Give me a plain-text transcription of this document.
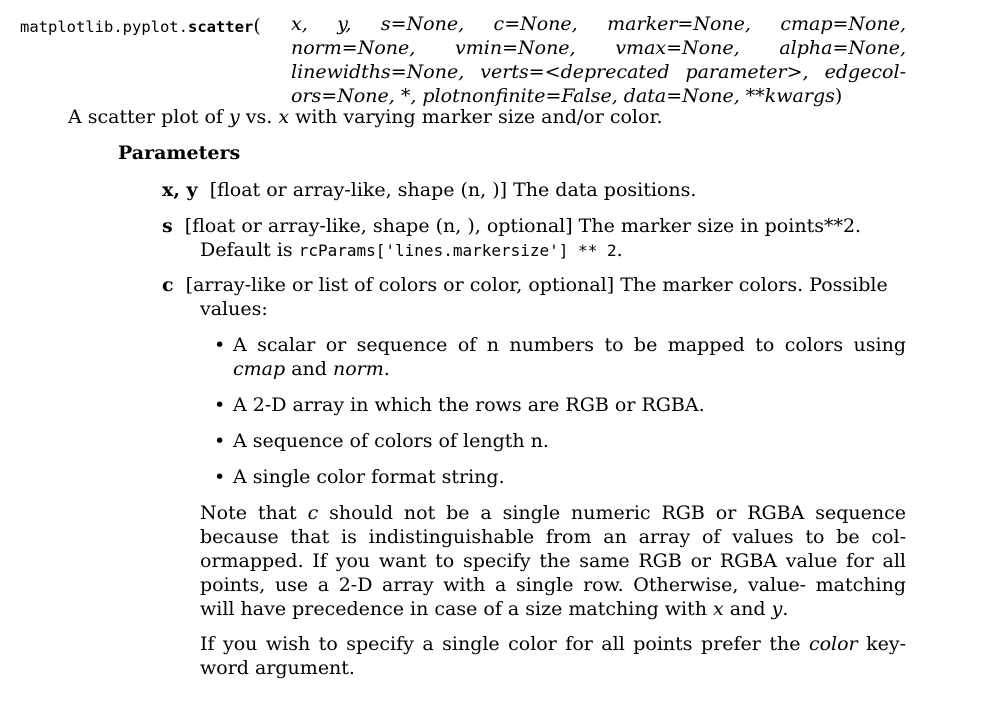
matplotlib.pyplot.scatter( x, y, s=None, c=None, marker=None, cmap=None,
norm=None, vmin=None, vmax=None, alpha=None,
linewidths=None, verts=<deprecated parameter>, edgecol-
ors=None, *, plotnonfinite=False, data=None, **kwargs)
A scatter plot of y vs. x with varying marker size and/or color.
Parameters
x, y [float or array-like, shape (n, )] The data positions.
s [float or array-like, shape (n, ), optional] The marker size in points**2.
Default is rcParams['lines.markersize'] ** 2.
c [array-like or list of colors or color, optional] The marker colors. Possible
values:
• A scalar or sequence of n numbers to be mapped to colors using cmap and norm.
• A 2-D array in which the rows are RGB or RGBA.
• A sequence of colors of length n.
• A single color format string.
Note that c should not be a single numeric RGB or RGBA sequence because that is indistinguishable from an array of values to be col- ormapped. If you want to specify the same RGB or RGBA value for all points, use a 2-D array with a single row. Otherwise, value- matching will have precedence in case of a size matching with x and y.
If you wish to specify a single color for all points prefer the color key- word argument.
